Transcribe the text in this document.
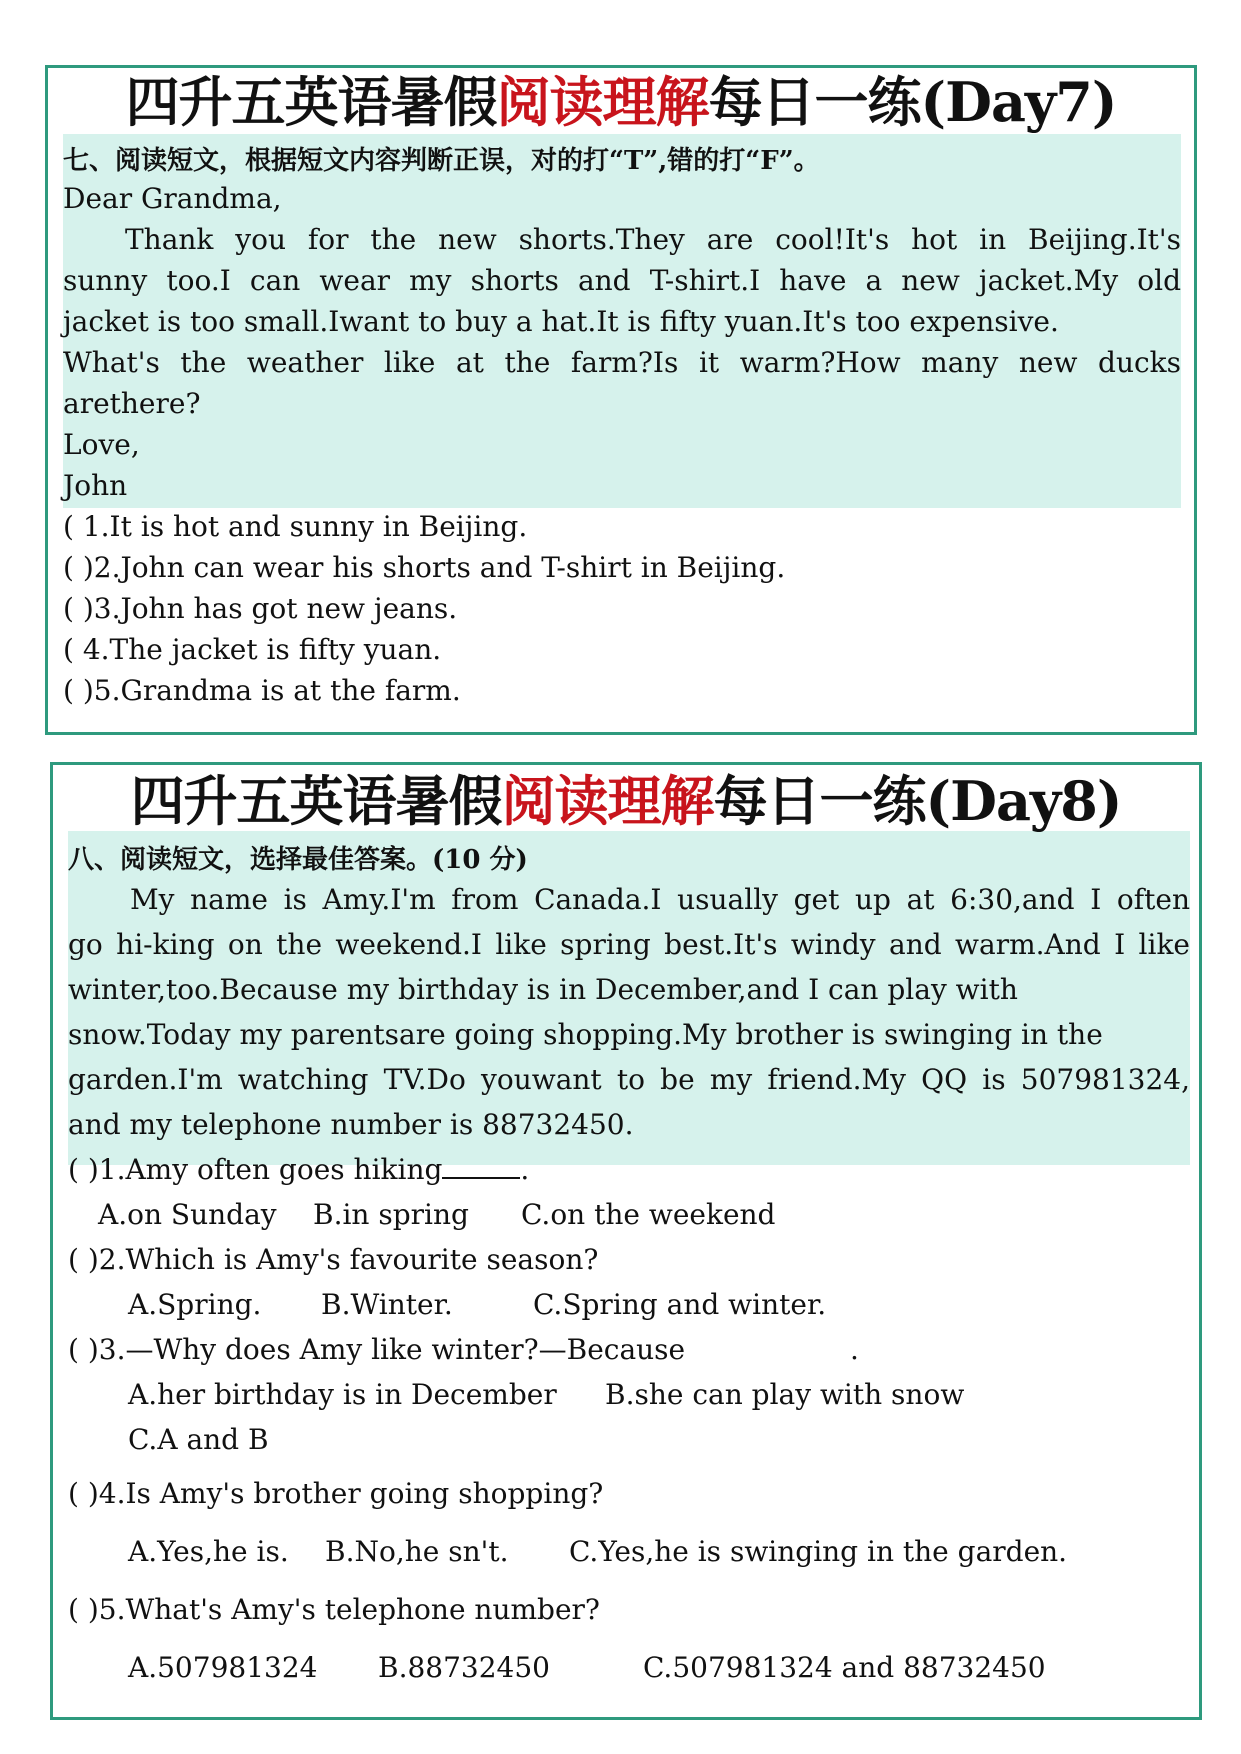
四升五英语暑假阅读理解每日一练(Day7)
七、阅读短文，根据短文内容判断正误，对的打“T”,错的打“F”。
Dear Grandma,
Thank you for the new shorts.They are cool!It's hot in Beijing.It's
sunny too.I can wear my shorts and T-shirt.I have a new jacket.My old
jacket is too small.Iwant to buy a hat.It is fifty yuan.It's too expensive.
What's the weather like at the farm?Is it warm?How many new ducks
arethere?
Love,
John
( 1.It is hot and sunny in Beijing.
( )2.John can wear his shorts and T-shirt in Beijing.
( )3.John has got new jeans.
( 4.The jacket is fifty yuan.
( )5.Grandma is at the farm.
四升五英语暑假阅读理解每日一练(Day8)
八、阅读短文，选择最佳答案。(10 分)
My name is Amy.I'm from Canada.I usually get up at 6:30,and I often
go hi-king on the weekend.I like spring best.It's windy and warm.And I like
winter,too.Because my birthday is in December,and I can play with
snow.Today my parentsare going shopping.My brother is swinging in the
garden.I'm watching TV.Do youwant to be my friend.My QQ is 507981324,
and my telephone number is 88732450.
( )1.Amy often goes hiking	.
A.on Sunday B.in spring C.on the weekend
( )2.Which is Amy's favourite season?
A.Spring. B.Winter.	C.Spring and winter.
( )3.—Why does Amy like winter?—Because	.
A.her birthday is in December B.she can play with snow
C.A and B
( )4.Is Amy's brother going shopping?
A.Yes,he is. B.No,he sn't. C.Yes,he is swinging in the garden.
( )5.What's Amy's telephone number?
A.507981324 B.88732450	C.507981324 and 88732450
